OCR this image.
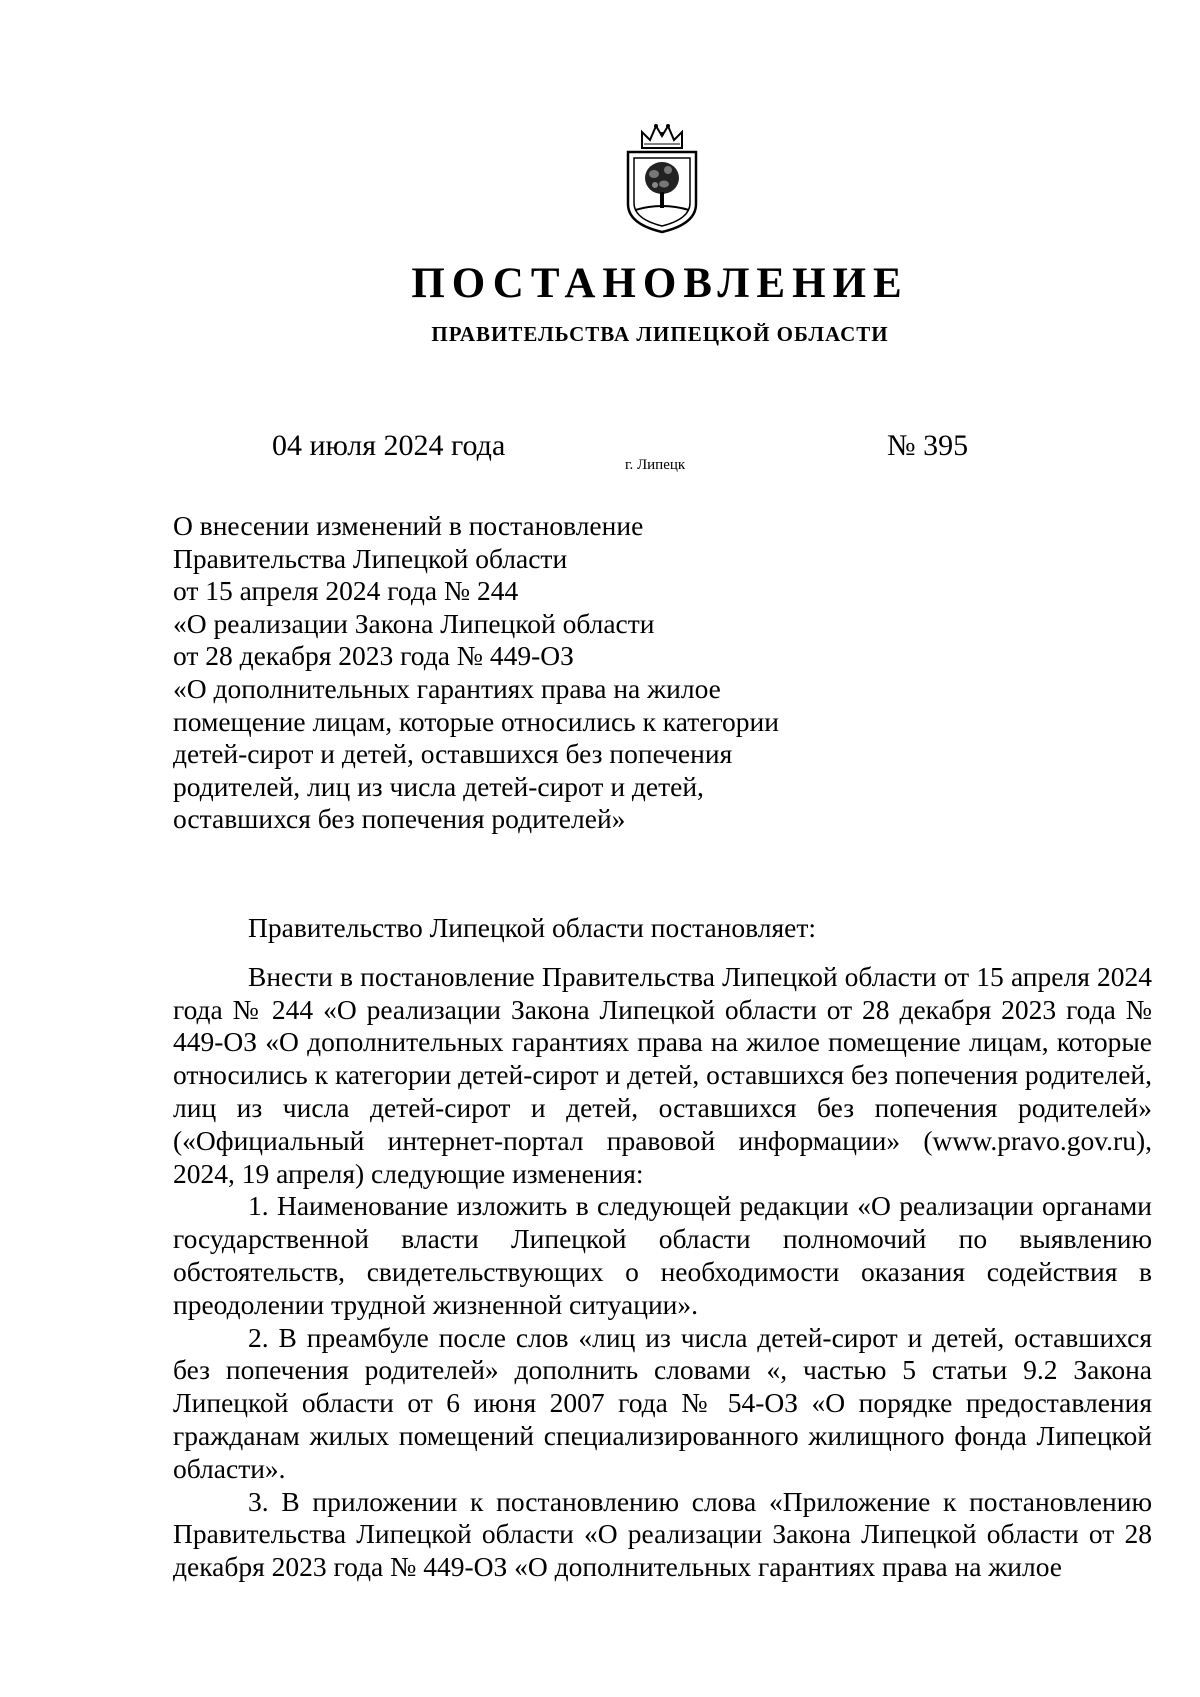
ПОСТАНОВЛЕНИЕ
ПРАВИТЕЛЬСТВА ЛИПЕЦКОЙ ОБЛАСТИ
04 июля 2024 года
г. Липецк
№ 395
О внесении изменений в постановление
Правительства Липецкой области
от 15 апреля 2024 года № 244
«О реализации Закона Липецкой области
от 28 декабря 2023 года № 449-ОЗ
«О дополнительных гарантиях права на жилое
помещение лицам, которые относились к категории
детей-сирот и детей, оставшихся без попечения
родителей, лиц из числа детей-сирот и детей,
оставшихся без попечения родителей»

Правительство Липецкой области постановляет:

Внести в постановление Правительства Липецкой области от 15 апреля 2024 года № 244 «О реализации Закона Липецкой области от 28 декабря 2023 года № 449-ОЗ «О дополнительных гарантиях права на жилое помещение лицам, которые относились к категории детей-сирот и детей, оставшихся без попечения родителей, лиц из числа детей-сирот и детей, оставшихся без попечения родителей» («Официальный интернет-портал правовой информации» (www.pravo.gov.ru), 2024, 19 апреля) следующие изменения:

1. Наименование изложить в следующей редакции «О реализации органами государственной власти Липецкой области полномочий по выявлению обстоятельств, свидетельствующих о необходимости оказания содействия в преодолении трудной жизненной ситуации».

2. В преамбуле после слов «лиц из числа детей-сирот и детей, оставшихся без попечения родителей» дополнить словами «, частью 5 статьи 9.2 Закона Липецкой области от 6 июня 2007 года № 54-ОЗ «О порядке предоставления гражданам жилых помещений специализированного жилищного фонда Липецкой области».

3. В приложении к постановлению слова «Приложение к постановлению Правительства Липецкой области «О реализации Закона Липецкой области от 28 декабря 2023 года № 449-ОЗ «О дополнительных гарантиях права на жилое
